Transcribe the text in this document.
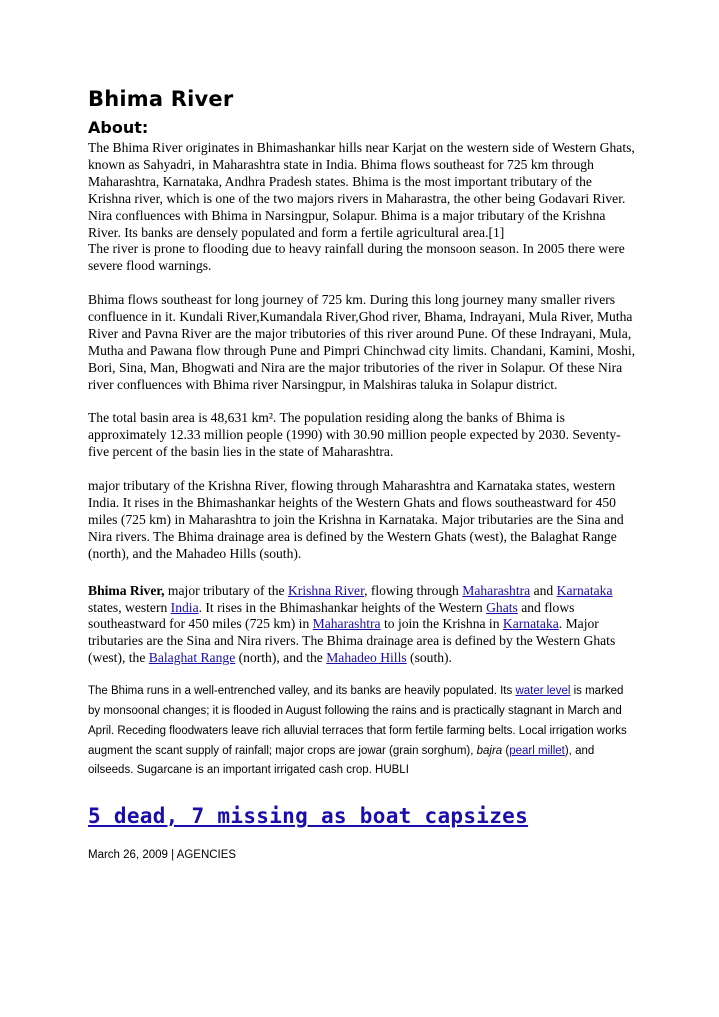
Bhima River
About:

The Bhima River originates in Bhimashankar hills near Karjat on the western side of Western Ghats, known as Sahyadri, in Maharashtra state in India. Bhima flows southeast for 725 km through Maharashtra, Karnataka, Andhra Pradesh states. Bhima is the most important tributary of the Krishna river, which is one of the two majors rivers in Maharastra, the other being Godavari River. Nira confluences with Bhima in Narsingpur, Solapur. Bhima is a major tributary of the Krishna River. Its banks are densely populated and form a fertile agricultural area.[1]

The river is prone to flooding due to heavy rainfall during the monsoon season. In 2005 there were severe flood warnings.

Bhima flows southeast for long journey of 725 km. During this long journey many smaller rivers confluence in it. Kundali River,Kumandala River,Ghod river, Bhama, Indrayani, Mula River, Mutha River and Pavna River are the major tributories of this river around Pune. Of these Indrayani, Mula, Mutha and Pawana flow through Pune and Pimpri Chinchwad city limits. Chandani, Kamini, Moshi, Bori, Sina, Man, Bhogwati and Nira are the major tributories of the river in Solapur. Of these Nira river confluences with Bhima river Narsingpur, in Malshiras taluka in Solapur district.

The total basin area is 48,631 km². The population residing along the banks of Bhima is approximately 12.33 million people (1990) with 30.90 million people expected by 2030. Seventy-five percent of the basin lies in the state of Maharashtra.

major tributary of the Krishna River, flowing through Maharashtra and Karnataka states, western India. It rises in the Bhimashankar heights of the Western Ghats and flows southeastward for 450 miles (725 km) in Maharashtra to join the Krishna in Karnataka. Major tributaries are the Sina and Nira rivers. The Bhima drainage area is defined by the Western Ghats (west), the Balaghat Range (north), and the Mahadeo Hills (south).

Bhima River, major tributary of the Krishna River, flowing through Maharashtra and Karnataka states, western India. It rises in the Bhimashankar heights of the Western Ghats and flows southeastward for 450 miles (725 km) in Maharashtra to join the Krishna in Karnataka. Major tributaries are the Sina and Nira rivers. The Bhima drainage area is defined by the Western Ghats (west), the Balaghat Range (north), and the Mahadeo Hills (south).

The Bhima runs in a well-entrenched valley, and its banks are heavily populated. Its water level is marked by monsoonal changes; it is flooded in August following the rains and is practically stagnant in March and April. Receding floodwaters leave rich alluvial terraces that form fertile farming belts. Local irrigation works augment the scant supply of rainfall; major crops are jowar (grain sorghum), bajra (pearl millet), and oilseeds. Sugarcane is an important irrigated cash crop. HUBLI

5 dead, 7 missing as boat capsizes

March 26, 2009 | AGENCIES
